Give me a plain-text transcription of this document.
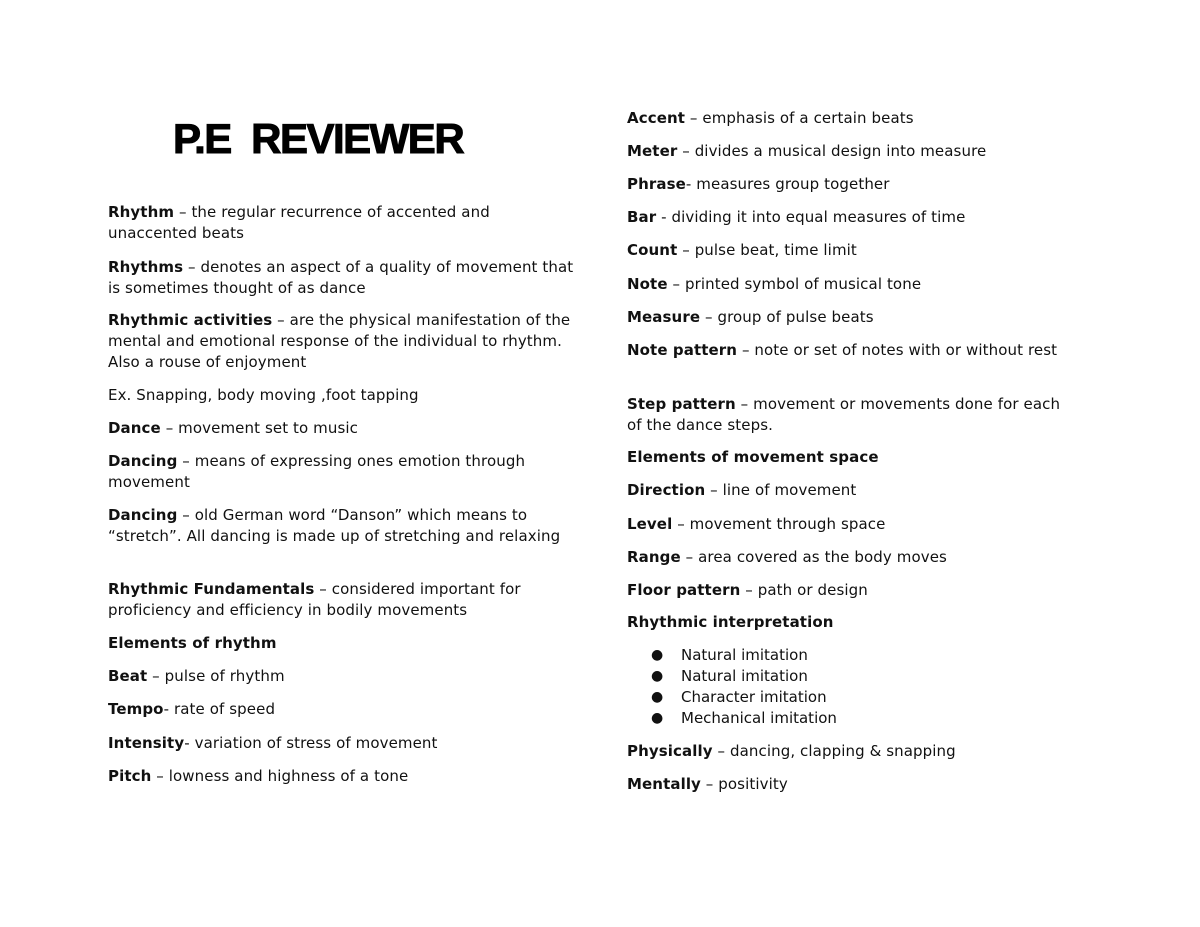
P.E  REVIEWER

Rhythm – the regular recurrence of accented and unaccented beats

Rhythms – denotes an aspect of a quality of movement that is sometimes thought of as dance

Rhythmic activities – are the physical manifestation of the mental and emotional response of the individual to rhythm. Also a rouse of enjoyment

Ex. Snapping, body moving ,foot tapping

Dance – movement set to music

Dancing – means of expressing ones emotion through movement

Dancing – old German word “Danson” which means to “stretch”. All dancing is made up of stretching and relaxing

Rhythmic Fundamentals – considered important for proficiency and efficiency in bodily movements

Elements of rhythm

Beat – pulse of rhythm

Tempo- rate of speed

Intensity- variation of stress of movement

Pitch – lowness and highness of a tone

Accent – emphasis of a certain beats

Meter – divides a musical design into measure

Phrase- measures group together

Bar - dividing it into equal measures of time

Count – pulse beat, time limit

Note – printed symbol of musical tone

Measure – group of pulse beats

Note pattern – note or set of notes with or without rest

Step pattern – movement or movements done for each of the dance steps.

Elements of movement space

Direction – line of movement

Level – movement through space

Range – area covered as the body moves

Floor pattern – path or design

Rhythmic interpretation

● Natural imitation
● Natural imitation
● Character imitation
● Mechanical imitation

Physically – dancing, clapping & snapping

Mentally – positivity
